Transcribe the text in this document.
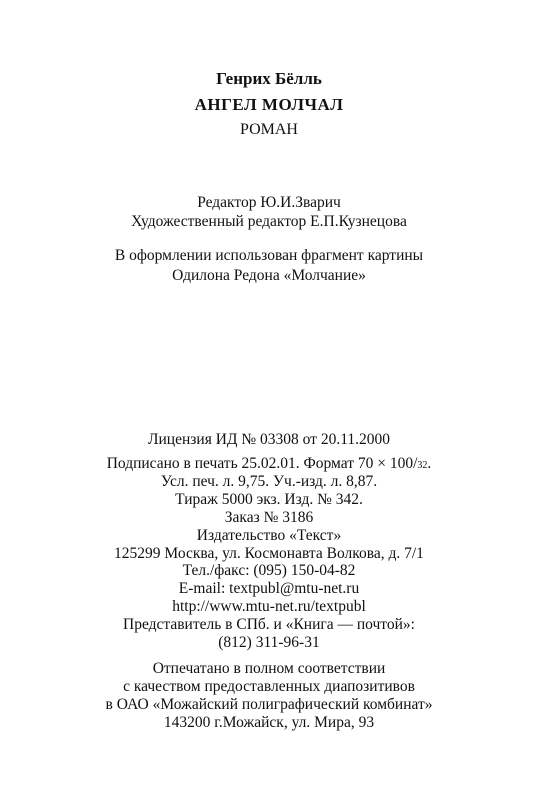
Генрих Бёлль
АНГЕЛ МОЛЧАЛ
РОМАН
Редактор Ю.И.Зварич
Художественный редактор Е.П.Кузнецова
В оформлении использован фрагмент картины
Одилона Редона «Молчание»
Лицензия ИД № 03308 от 20.11.2000
Подписано в печать 25.02.01. Формат 70 × 100/32.
Усл. печ. л. 9,75. Уч.-изд. л. 8,87.
Тираж 5000 экз. Изд. № 342.
Заказ № 3186
Издательство «Текст»
125299 Москва, ул. Космонавта Волкова, д. 7/1
Тел./факс: (095) 150-04-82
E-mail: textpubl@mtu-net.ru
http://www.mtu-net.ru/textpubl
Представитель в СПб. и «Книга — почтой»:
(812) 311-96-31
Отпечатано в полном соответствии
с качеством предоставленных диапозитивов
в ОАО «Можайский полиграфический комбинат»
143200 г.Можайск, ул. Мира, 93
